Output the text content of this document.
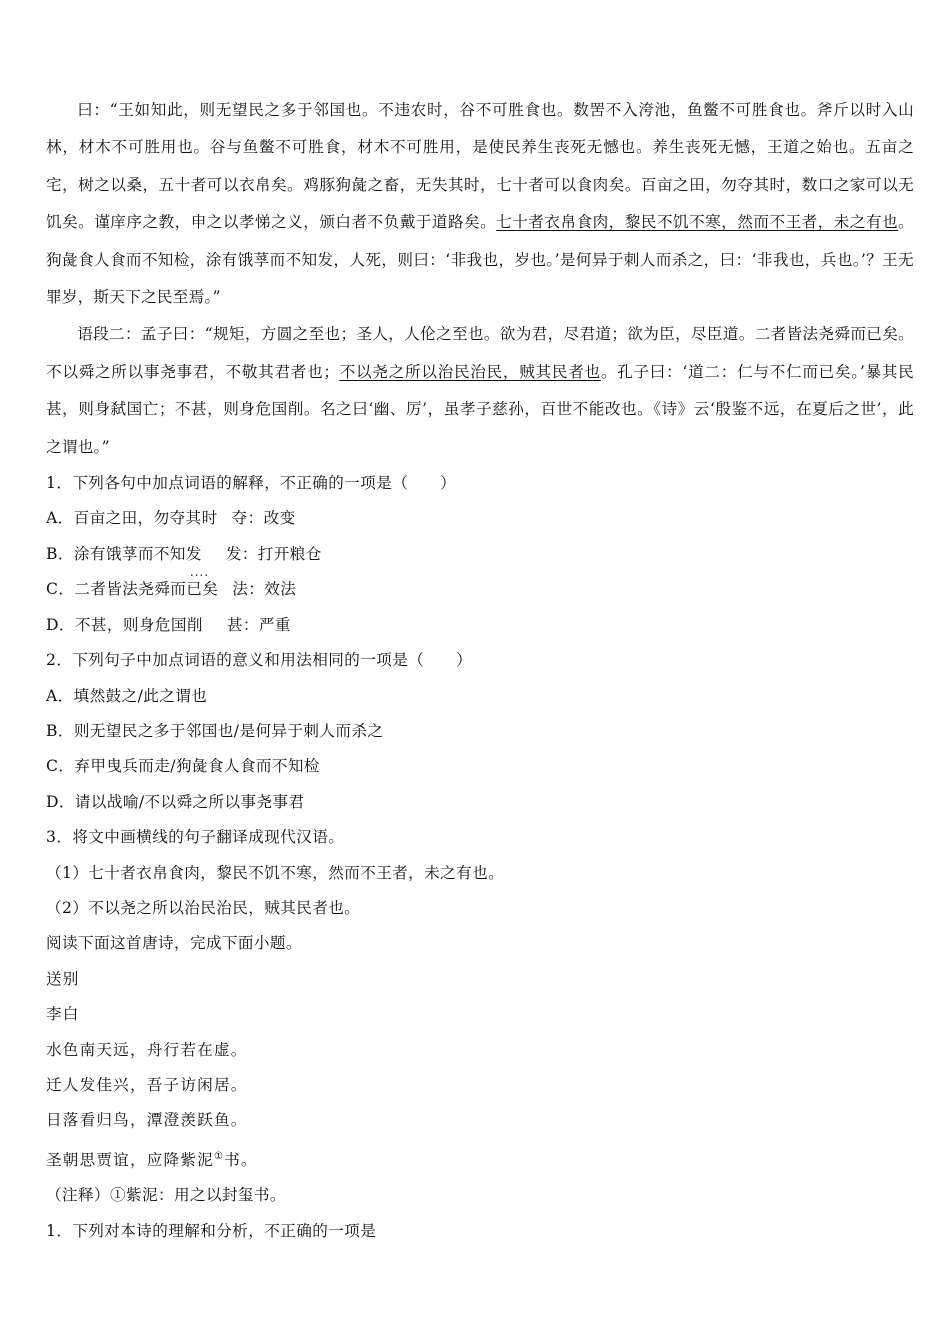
曰：“王如知此，则无望民之多于邻国也。不违农时，谷不可胜食也。数罟不入洿池，鱼鳖不可胜食也。斧斤以时入山林，材木不可胜用也。谷与鱼鳖不可胜食，材木不可胜用，是使民养生丧死无憾也。养生丧死无憾，王道之始也。五亩之宅，树之以桑，五十者可以衣帛矣。鸡豚狗彘之畜，无失其时，七十者可以食肉矣。百亩之田，勿夺其时，数口之家可以无饥矣。谨庠序之教，申之以孝悌之义，颁白者不负戴于道路矣。七十者衣帛食肉，黎民不饥不寒，然而不王者，未之有也。狗彘食人食而不知检，涂有饿莩而不知发，人死，则曰：‘非我也，岁也。’是何异于刺人而杀之，曰：‘非我也，兵也。’？王无罪岁，斯天下之民至焉。”

语段二：孟子曰：“规矩，方圆之至也；圣人，人伦之至也。欲为君，尽君道；欲为臣，尽臣道。二者皆法尧舜而已矣。不以舜之所以事尧事君，不敬其君者也；不以尧之所以治民治民，贼其民者也。孔子曰：‘道二：仁与不仁而已矣。’暴其民甚，则身弑国亡；不甚，则身危国削。名之曰‘幽、厉’，虽孝子慈孙，百世不能改也。《诗》云‘殷鉴不远，在夏后之世’，此之谓也。”

1．下列各句中加点词语的解释，不正确的一项是（　　）

A．百亩之田，勿夺其时 夺：改变

B．涂有饿莩而不知发 .... 发：打开粮仓

C．二者皆法尧舜而已矣 法：效法

D．不甚，则身危国削 甚：严重

2．下列句子中加点词语的意义和用法相同的一项是（　　）

A．填然鼓之/此之谓也

B．则无望民之多于邻国也/是何异于刺人而杀之

C．弃甲曳兵而走/狗彘食人食而不知检

D．请以战喻/不以舜之所以事尧事君

3．将文中画横线的句子翻译成现代汉语。

（1）七十者衣帛食肉，黎民不饥不寒，然而不王者，未之有也。

（2）不以尧之所以治民治民，贼其民者也。

阅读下面这首唐诗，完成下面小题。

送别

李白

水色南天远，舟行若在虚。

迁人发佳兴，吾子访闲居。

日落看归鸟，潭澄羡跃鱼。

圣朝思贾谊，应降紫泥①书。

（注释）①紫泥：用之以封玺书。

1．下列对本诗的理解和分析，不正确的一项是
